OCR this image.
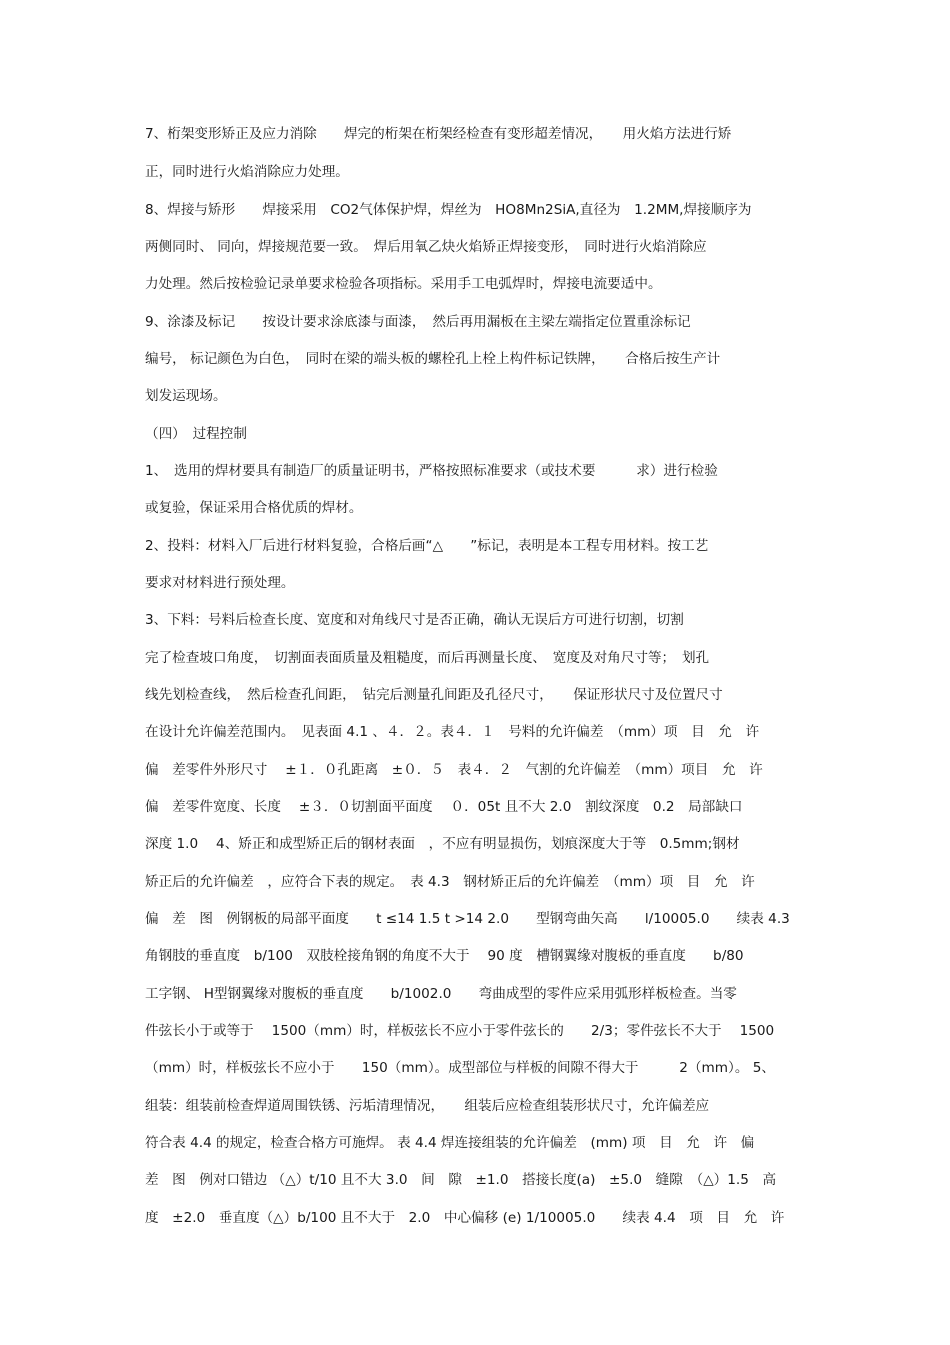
7、桁架变形矫正及应力消除　　焊完的桁架在桁架经检查有变形超差情况，　　用火焰方法进行矫
正，同时进行火焰消除应力处理。
8、焊接与矫形　　焊接采用　CO2气体保护焊，焊丝为　HO8Mn2SiA,直径为　1.2MM,焊接顺序为
两侧同时、 同向，焊接规范要一致。　焊后用氧乙炔火焰矫正焊接变形，　同时进行火焰消除应
力处理。然后按检验记录单要求检验各项指标。采用手工电弧焊时，焊接电流要适中。
9、涂漆及标记　　按设计要求涂底漆与面漆，　然后再用漏板在主梁左端指定位置重涂标记
编号， 标记颜色为白色，　同时在梁的端头板的螺栓孔上栓上构件标记铁牌，　　合格后按生产计
划发运现场。
（四）　过程控制
1、　选用的焊材要具有制造厂的质量证明书，严格按照标准要求（或技术要　　　求）进行检验
或复验，保证采用合格优质的焊材。
2、投料：材料入厂后进行材料复验，合格后画“△　　”标记，表明是本工程专用材料。按工艺
要求对材料进行预处理。
3、下料：号料后检查长度、宽度和对角线尺寸是否正确，确认无误后方可进行切割，切割
完了检查坡口角度，　切割面表面质量及粗糙度，而后再测量长度、　宽度及对角尺寸等；　划孔
线先划检查线，　然后检查孔间距，　钻完后测量孔间距及孔径尺寸，　　保证形状尺寸及位置尺寸
在设计允许偏差范围内。　见表面 4.1 、４．２。表４．１　号料的允许偏差　（mm）项　目　允　许
偏　差零件外形尺寸　 ±１．０孔距离　±０．５　表４．２　气割的允许偏差　（mm）项目　允　许
偏　差零件宽度、长度　 ±３．０切割面平面度　 ０．05t 且不大 2.0　割纹深度　0.2　局部缺口
深度 1.0　 4、矫正和成型矫正后的钢材表面　，不应有明显损伤，划痕深度大于等　0.5mm;钢材
矫正后的允许偏差　，应符合下表的规定。　表 4.3　钢材矫正后的允许偏差　（mm）项　目　允　许
偏　差　图　例钢板的局部平面度　　t ≤14 1.5 t >14 2.0　　型钢弯曲矢高　　l/10005.0　　续表 4.3
角钢肢的垂直度　b/100　双肢栓接角钢的角度不大于　 90 度　槽钢翼缘对腹板的垂直度　　b/80
工字钢、 H型钢翼缘对腹板的垂直度　　b/1002.0　　弯曲成型的零件应采用弧形样板检查。当零
件弦长小于或等于　 1500（mm）时，样板弦长不应小于零件弦长的　　2/3；零件弦长不大于　 1500
（mm）时，样板弦长不应小于　　150（mm）。成型部位与样板的间隙不得大于　　　2（mm）。 5、
组装：组装前检查焊道周围铁锈、污垢清理情况，　　组装后应检查组装形状尺寸，允许偏差应
符合表 4.4 的规定，检查合格方可施焊。 表 4.4 焊连接组装的允许偏差　(mm) 项　目　允　许　偏
差　图　例对口错边 （△）t/10 且不大 3.0　间　隙　±1.0　搭接长度(a)　±5.0　缝隙　（△）1.5　高
度　±2.0　垂直度（△）b/100 且不大于　2.0　中心偏移 (e) 1/10005.0　　续表 4.4　项　目　允　许
